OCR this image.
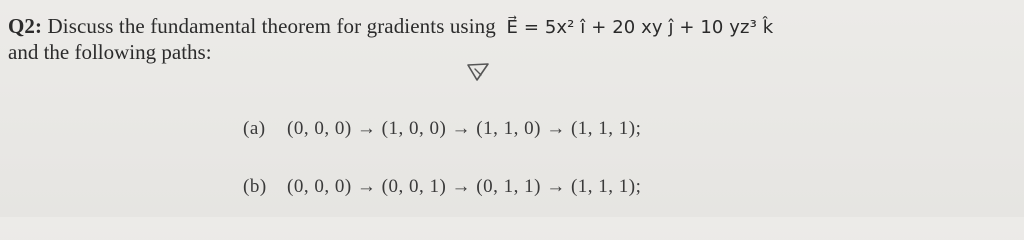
Q2: Discuss the fundamental theorem for gradients using E⃗ = 5x² î + 20 xy ĵ + 10 yz³ k̂
and the following paths:
(a) (0, 0, 0) → (1, 0, 0) → (1, 1, 0) → (1, 1, 1);
(b) (0, 0, 0) → (0, 0, 1) → (0, 1, 1) → (1, 1, 1);
